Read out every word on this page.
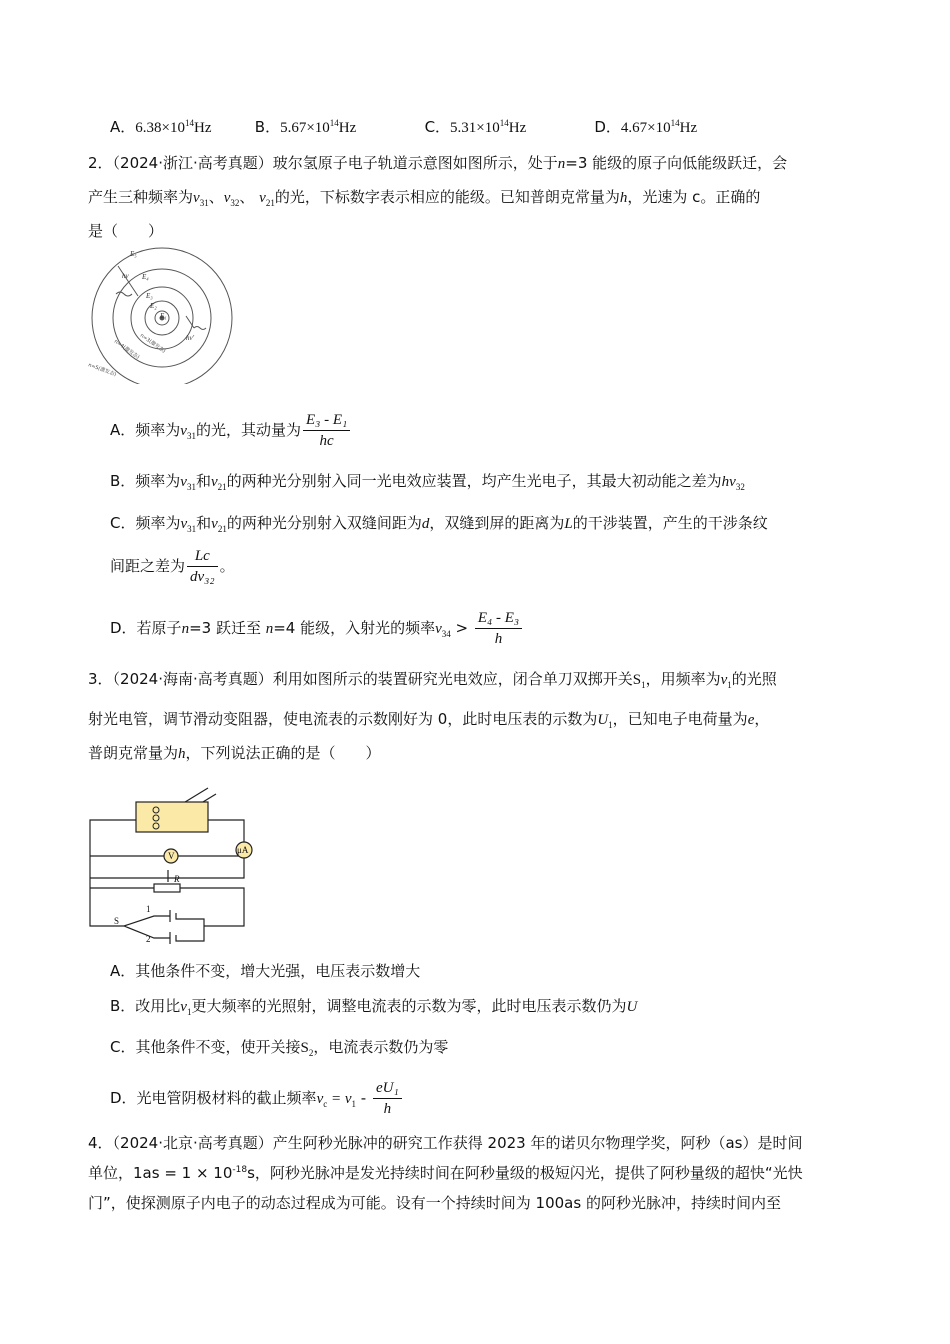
A．$6.38\times 10^{14}Hz$	B．$5.67\times 10^{14}Hz$	C．$5.31\times 10^{14}Hz$	D．$4.67\times 10^{14}Hz$
2．（2024·浙江·高考真题）玻尔氢原子电子轨道示意图如图所示，处于n=3 能级的原子向低能级跃迁，会
产生三种频率为$\nu_{31}$、$\nu_{32}$、 $\nu_{21}$的光，下标数字表示相应的能级。已知普朗克常量为h，光速为 c。正确的
是（　　）
E₅
hν E₄
E₃
E₂
E₁
hν'
n=3(激发态)
n=4(激发态)
n=5(激发态)
A．频率为$\nu_{31}$的光，其动量为 $\frac{\text{E₃ - E₁}}{hc}$
B．频率为$\nu_{31}$和$\nu_{21}$的两种光分别射入同一光电效应装置，均产生光电子，其最大初动能之差为$h\nu_{32}$
C．频率为$\nu_{31}$和$\nu_{21}$的两种光分别射入双缝间距为d，双缝到屏的距离为L的干涉装置，产生的干涉条纹
间距之差为 $\frac{Lc}{\text{dν₃₂}}$ 。
D．若原子n=3 跃迁至 n=4 能级，入射光的频率$\nu_{34} > \frac{\text{E₄ - E₃}}{h}$
3．（2024·海南·高考真题）利用如图所示的装置研究光电效应，闭合单刀双掷开关$S_1$，用频率为$\nu_1$的光照
射光电管，调节滑动变阻器，使电流表的示数刚好为 0，此时电压表的示数为$U_1$，已知电子电荷量为e，
普朗克常量为h，下列说法正确的是（　　）
μA
V
R
S
1
2
A．其他条件不变，增大光强，电压表示数增大
B．改用比$\nu_1$更大频率的光照射，调整电流表的示数为零，此时电压表示数仍为U
C．其他条件不变，使开关接$S_2$，电流表示数仍为零
D．光电管阴极材料的截止频率$\nu_c = \nu_1 - \frac{\text{eU₁}}{h}$
4．（2024·北京·高考真题）产生阿秒光脉冲的研究工作获得 2023 年的诺贝尔物理学奖，阿秒（as）是时间
单位，$1as = 1 \times 10^{-18}s$，阿秒光脉冲是发光持续时间在阿秒量级的极短闪光，提供了阿秒量级的超快“光快
门”，使探测原子内电子的动态过程成为可能。设有一个持续时间为 100as 的阿秒光脉冲，持续时间内至
